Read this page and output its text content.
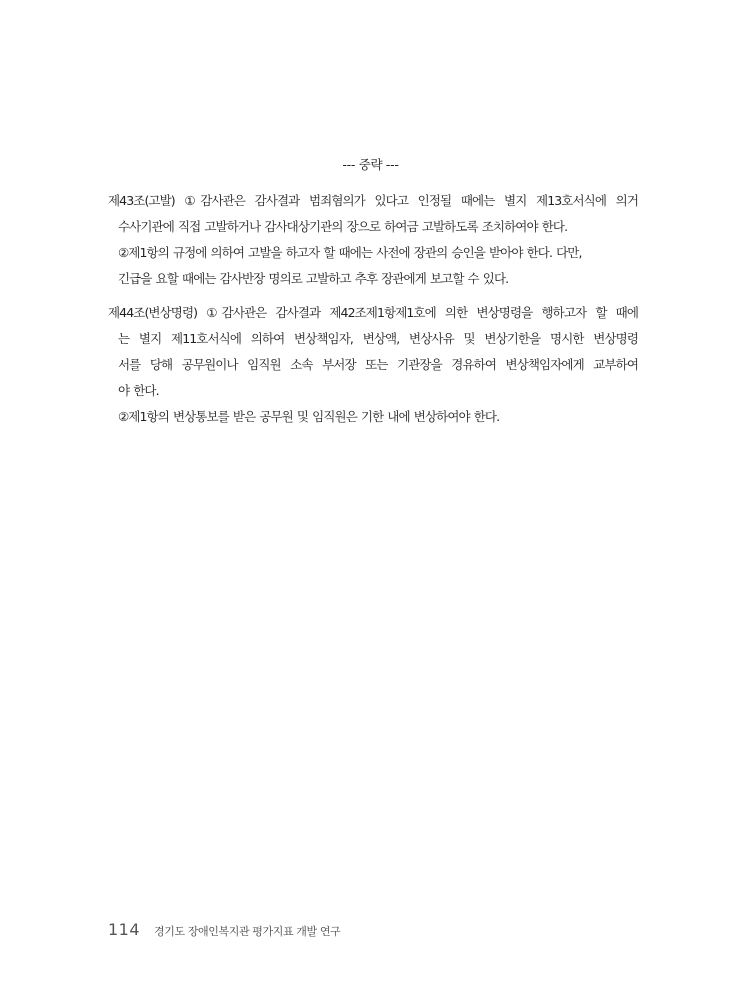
--- 중략 ---
제43조(고발) ①감사관은 감사결과 범죄혐의가 있다고 인정될 때에는 별지 제13호서식에 의거
수사기관에 직접 고발하거나 감사대상기관의 장으로 하여금 고발하도록 조치하여야 한다.
②제1항의 규정에 의하여 고발을 하고자 할 때에는 사전에 장관의 승인을 받아야 한다. 다만,
긴급을 요할 때에는 감사반장 명의로 고발하고 추후 장관에게 보고할 수 있다.
제44조(변상명령) ①감사관은 감사결과 제42조제1항제1호에 의한 변상명령을 행하고자 할 때에
는 별지 제11호서식에 의하여 변상책임자, 변상액, 변상사유 및 변상기한을 명시한 변상명령
서를 당해 공무원이나 임직원 소속 부서장 또는 기관장을 경유하여 변상책임자에게 교부하여
야 한다.
②제1항의 변상통보를 받은 공무원 및 임직원은 기한 내에 변상하여야 한다.
114 경기도 장애인복지관 평가지표 개발 연구
